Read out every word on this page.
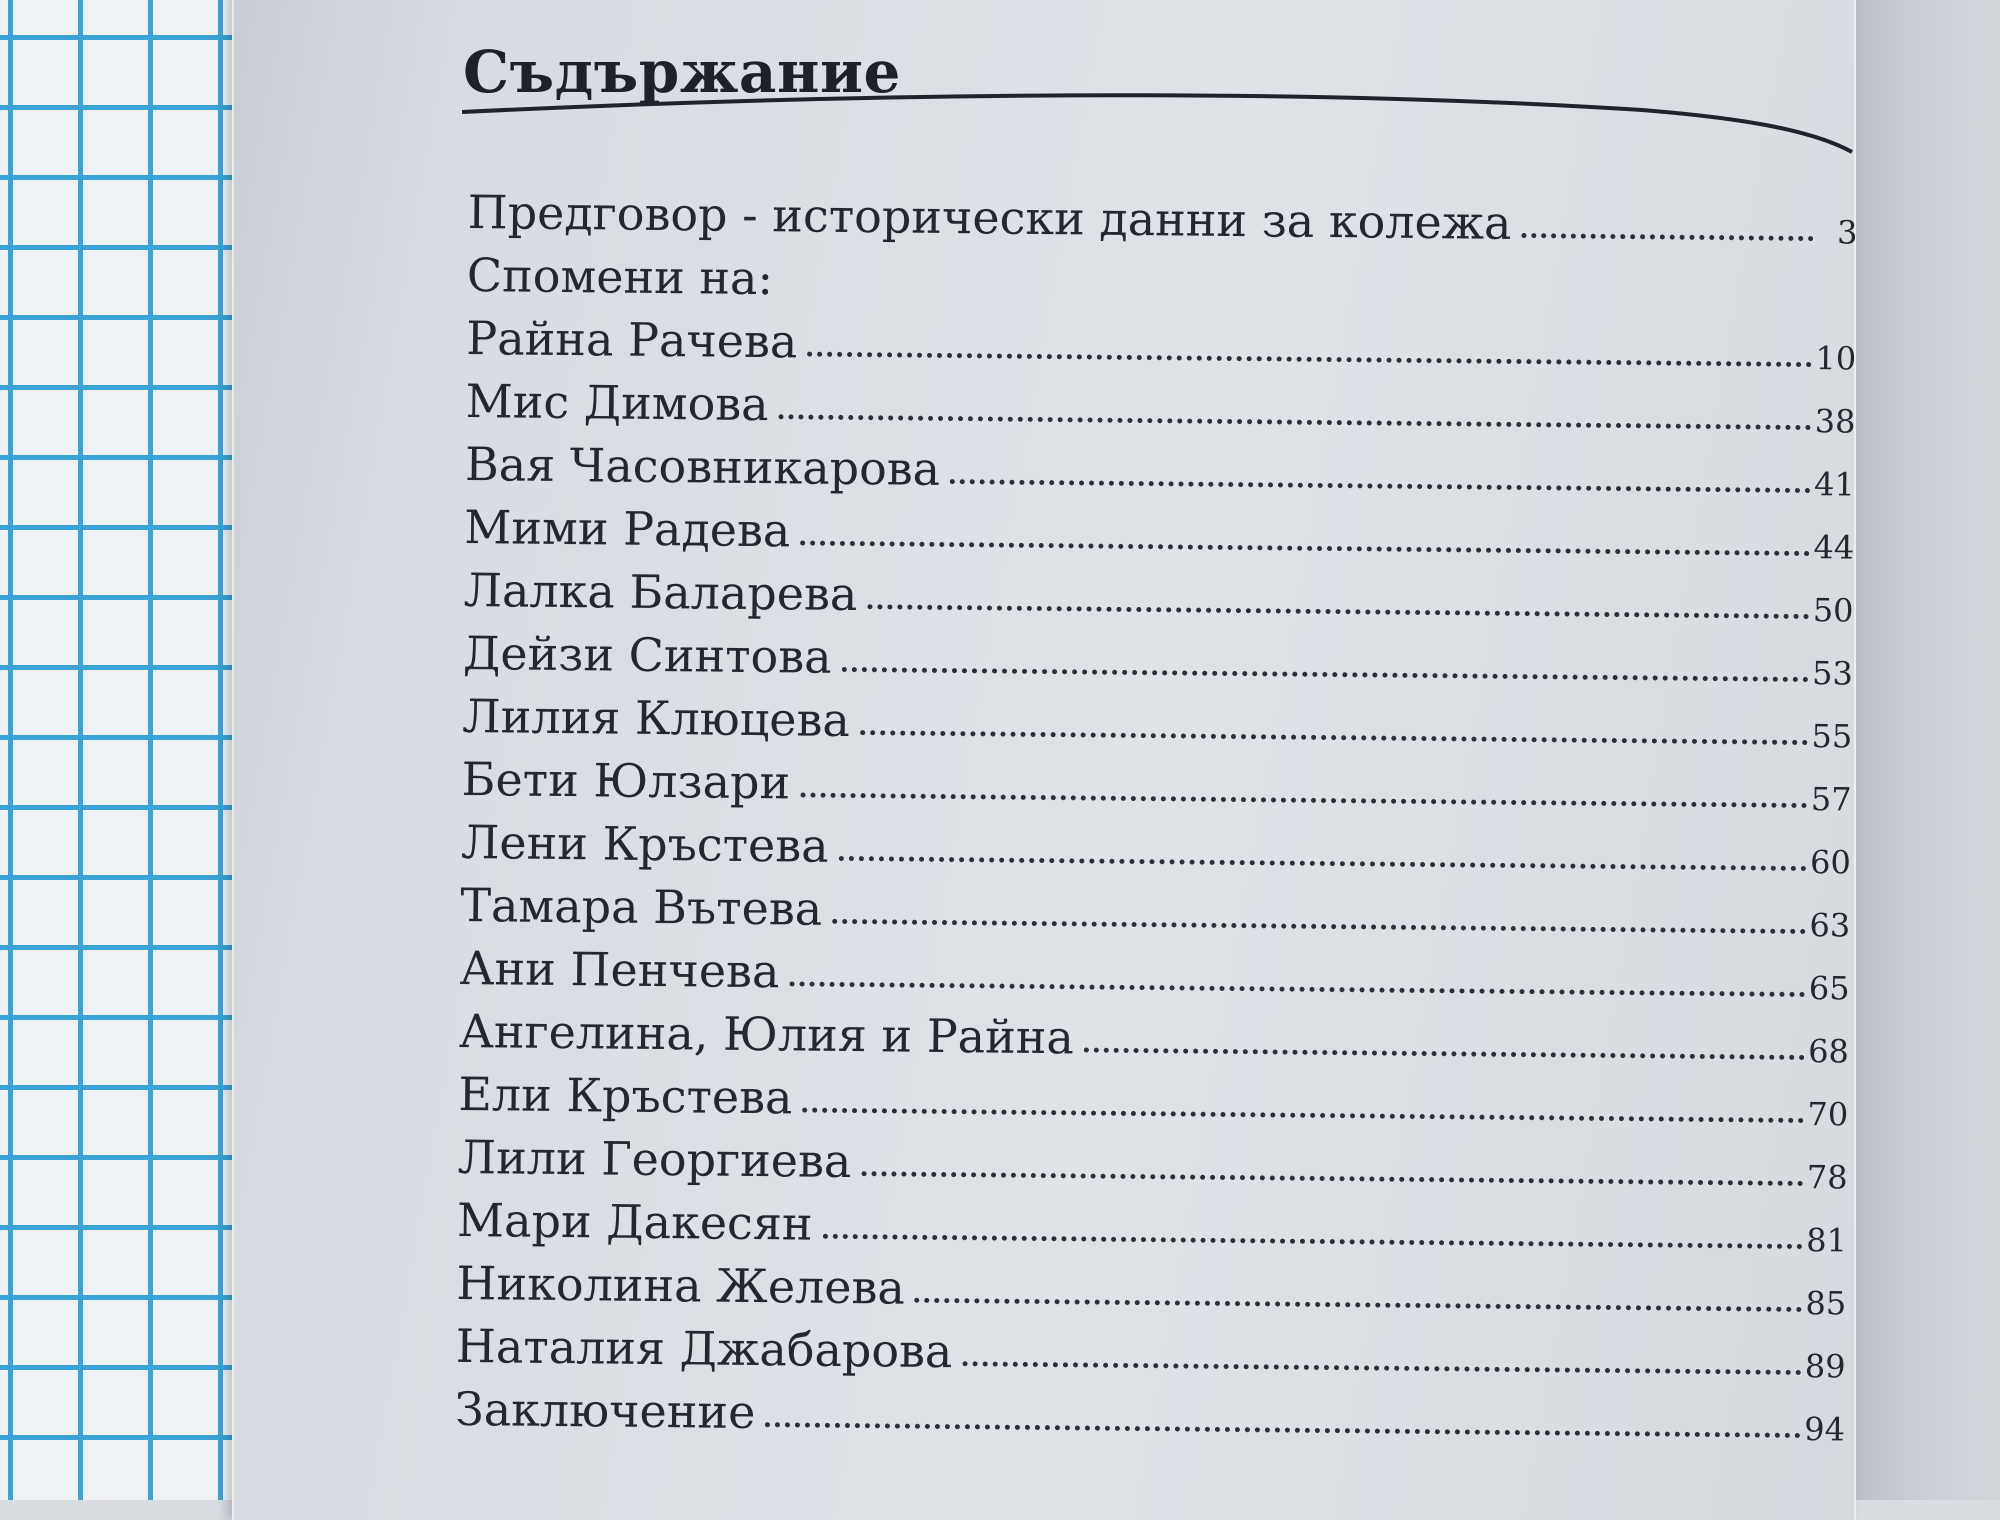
Съдържание
Предговор - исторически данни за колежа	3
Спомени на:
Райна Рачева	10
Мис Димова	38
Вая Часовникарова	41
Мими Радева	44
Лалка Баларева	50
Дейзи Синтова	53
Лилия Клюцева	55
Бети Юлзари	57
Лени Кръстева	60
Тамара Вътева	63
Ани Пенчева	65
Ангелина, Юлия и Райна	68
Ели Кръстева	70
Лили Георгиева	78
Мари Дакесян	81
Николина Желева	85
Наталия Джабарова	89
Заключение	94
